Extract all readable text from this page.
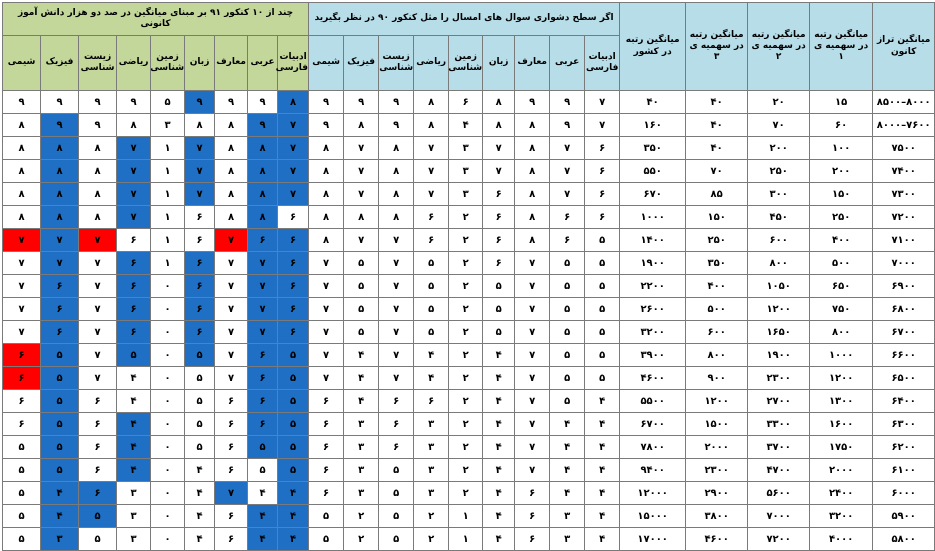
میانگین تراز کانون	میانگین رتبه در سهمیه ی ۱	میانگین رتبه در سهمیه ی ۲	میانگین رتبه در سهمیه ی ۳	میانگین رتبه در کشور	اگر سطح دشواری سوال های امسال را مثل کنکور ۹۰ در نظر بگیرید									چند از ۱۰ کنکور ۹۱ بر مبنای میانگین در صد دو هزار دانش آموز کانونی								
					ادبیات فارسی	عربی	معارف	زبان	زمین شناسی	ریاضی	زیست شناسی	فیزیک	شیمی	ادبیات فارسی	عربی	معارف	زبان	زمین شناسی	ریاضی	زیست شناسی	فیزیک	شیمی
۸۰۰۰–۸۵۰۰	۱۵	۲۰	۴۰	۴۰	۷	۹	۹	۸	۶	۸	۹	۹	۹	۸	۹	۹	۹	۵	۹	۹	۹	۹
۷۶۰۰–۸۰۰۰	۶۰	۷۰	۴۰	۱۶۰	۷	۹	۸	۸	۴	۸	۹	۸	۹	۷	۹	۸	۸	۳	۸	۹	۹	۸
۷۵۰۰	۱۰۰	۲۰۰	۴۰	۳۵۰	۶	۷	۸	۷	۳	۷	۸	۷	۸	۷	۸	۸	۷	۱	۷	۸	۸	۸
۷۴۰۰	۲۰۰	۲۵۰	۷۰	۵۵۰	۶	۷	۸	۷	۳	۷	۸	۷	۸	۷	۸	۸	۷	۱	۷	۸	۸	۸
۷۳۰۰	۱۵۰	۳۰۰	۸۵	۶۷۰	۶	۷	۸	۶	۳	۷	۸	۷	۸	۷	۸	۸	۷	۱	۷	۸	۸	۸
۷۲۰۰	۲۵۰	۴۵۰	۱۵۰	۱۰۰۰	۶	۶	۸	۶	۲	۶	۸	۸	۸	۶	۸	۸	۶	۱	۷	۸	۸	۸
۷۱۰۰	۴۰۰	۶۰۰	۲۵۰	۱۴۰۰	۵	۶	۸	۶	۲	۶	۷	۷	۸	۶	۶	۷	۶	۱	۶	۷	۷	۷
۷۰۰۰	۵۰۰	۸۰۰	۳۵۰	۱۹۰۰	۵	۵	۷	۶	۲	۵	۷	۵	۷	۶	۷	۷	۶	۱	۶	۷	۷	۷
۶۹۰۰	۶۵۰	۱۰۵۰	۴۰۰	۲۲۰۰	۵	۵	۷	۵	۲	۵	۷	۵	۷	۶	۷	۷	۶	۰	۶	۷	۶	۷
۶۸۰۰	۷۵۰	۱۲۰۰	۵۰۰	۲۶۰۰	۵	۵	۷	۵	۲	۵	۷	۵	۷	۶	۷	۷	۶	۰	۶	۷	۶	۷
۶۷۰۰	۸۰۰	۱۶۵۰	۶۰۰	۳۲۰۰	۵	۵	۷	۵	۲	۵	۷	۵	۷	۶	۷	۷	۶	۰	۶	۷	۶	۷
۶۶۰۰	۱۰۰۰	۱۹۰۰	۸۰۰	۳۹۰۰	۵	۵	۷	۴	۲	۴	۷	۴	۷	۵	۶	۷	۵	۰	۵	۷	۵	۶
۶۵۰۰	۱۲۰۰	۲۳۰۰	۹۰۰	۴۶۰۰	۵	۵	۷	۴	۲	۴	۷	۴	۷	۵	۶	۷	۵	۰	۴	۷	۵	۶
۶۴۰۰	۱۳۰۰	۲۷۰۰	۱۲۰۰	۵۵۰۰	۴	۵	۷	۴	۲	۶	۶	۴	۶	۵	۶	۶	۵	۰	۴	۶	۵	۶
۶۳۰۰	۱۶۰۰	۳۳۰۰	۱۵۰۰	۶۷۰۰	۴	۴	۷	۴	۲	۳	۶	۳	۶	۵	۶	۶	۵	۰	۴	۶	۵	۶
۶۲۰۰	۱۷۵۰	۳۷۰۰	۲۰۰۰	۷۸۰۰	۴	۴	۷	۴	۲	۳	۶	۳	۶	۵	۵	۶	۵	۰	۴	۶	۵	۵
۶۱۰۰	۲۰۰۰	۴۷۰۰	۲۳۰۰	۹۴۰۰	۴	۴	۷	۴	۲	۳	۵	۳	۶	۵	۵	۶	۴	۰	۴	۶	۵	۵
۶۰۰۰	۲۴۰۰	۵۶۰۰	۲۹۰۰	۱۲۰۰۰	۴	۴	۶	۴	۲	۳	۵	۳	۶	۴	۴	۷	۴	۰	۳	۶	۴	۵
۵۹۰۰	۳۲۰۰	۷۰۰۰	۳۸۰۰	۱۵۰۰۰	۴	۳	۶	۴	۱	۲	۵	۲	۵	۴	۴	۶	۴	۰	۳	۵	۴	۵
۵۸۰۰	۴۰۰۰	۷۲۰۰	۴۶۰۰	۱۷۰۰۰	۴	۳	۶	۴	۱	۲	۵	۲	۵	۴	۴	۶	۴	۰	۳	۵	۳	۵
